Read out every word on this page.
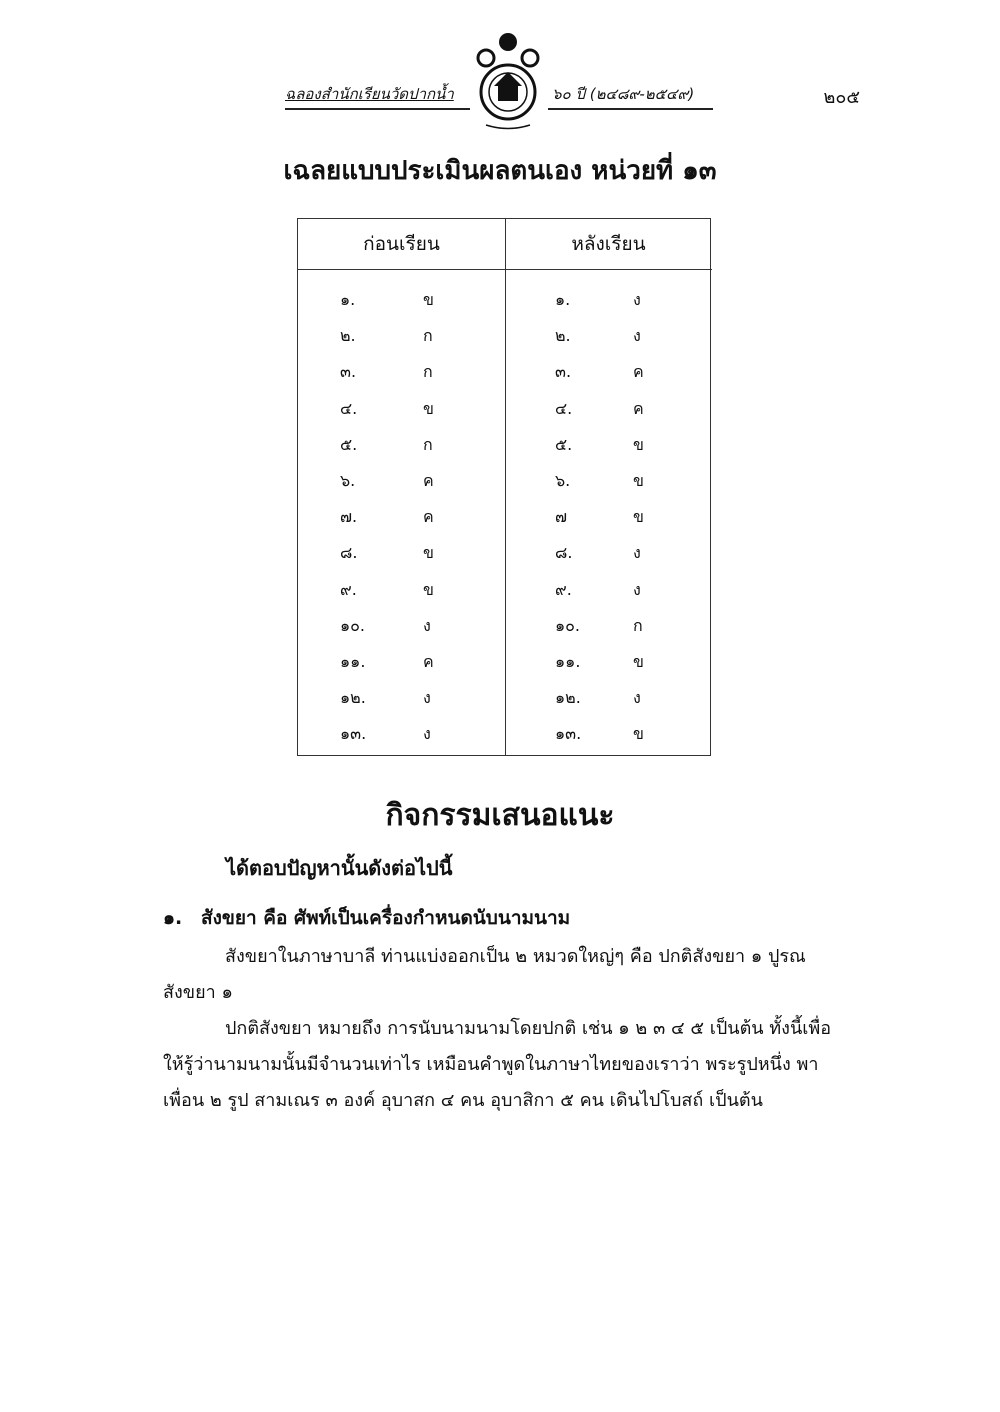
ฉลองสำนักเรียนวัดปากน้ำ	๖๐ ปี (๒๔๘๙-๒๕๔๙)	๒๐๕
เฉลยแบบประเมินผลตนเอง หน่วยที่ ๑๓
ก่อนเรียน
๑.	ข
๒.	ก
๓.	ก
๔.	ข
๕.	ก
๖.	ค
๗.	ค
๘.	ข
๙.	ข
๑๐.	ง
๑๑.	ค
๑๒.	ง
๑๓.	ง
หลังเรียน
๑.	ง
๒.	ง
๓.	ค
๔.	ค
๕.	ข
๖.	ข
๗	ข
๘.	ง
๙.	ง
๑๐.	ก
๑๑.	ข
๑๒.	ง
๑๓.	ข
กิจกรรมเสนอแนะ
ได้ตอบปัญหานั้นดังต่อไปนี้
๑. สังขยา คือ ศัพท์เป็นเครื่องกำหนดนับนามนาม
สังขยาในภาษาบาลี ท่านแบ่งออกเป็น ๒ หมวดใหญ่ๆ คือ ปกติสังขยา ๑ ปูรณสังขยา ๑
ปกติสังขยา หมายถึง การนับนามนามโดยปกติ เช่น ๑ ๒ ๓ ๔ ๕ เป็นต้น ทั้งนี้เพื่อให้รู้ว่านามนามนั้นมีจำนวนเท่าไร เหมือนคำพูดในภาษาไทยของเราว่า พระรูปหนึ่ง พาเพื่อน ๒ รูป สามเณร ๓ องค์ อุบาสก ๔ คน อุบาสิกา ๕ คน เดินไปโบสถ์ เป็นต้น
